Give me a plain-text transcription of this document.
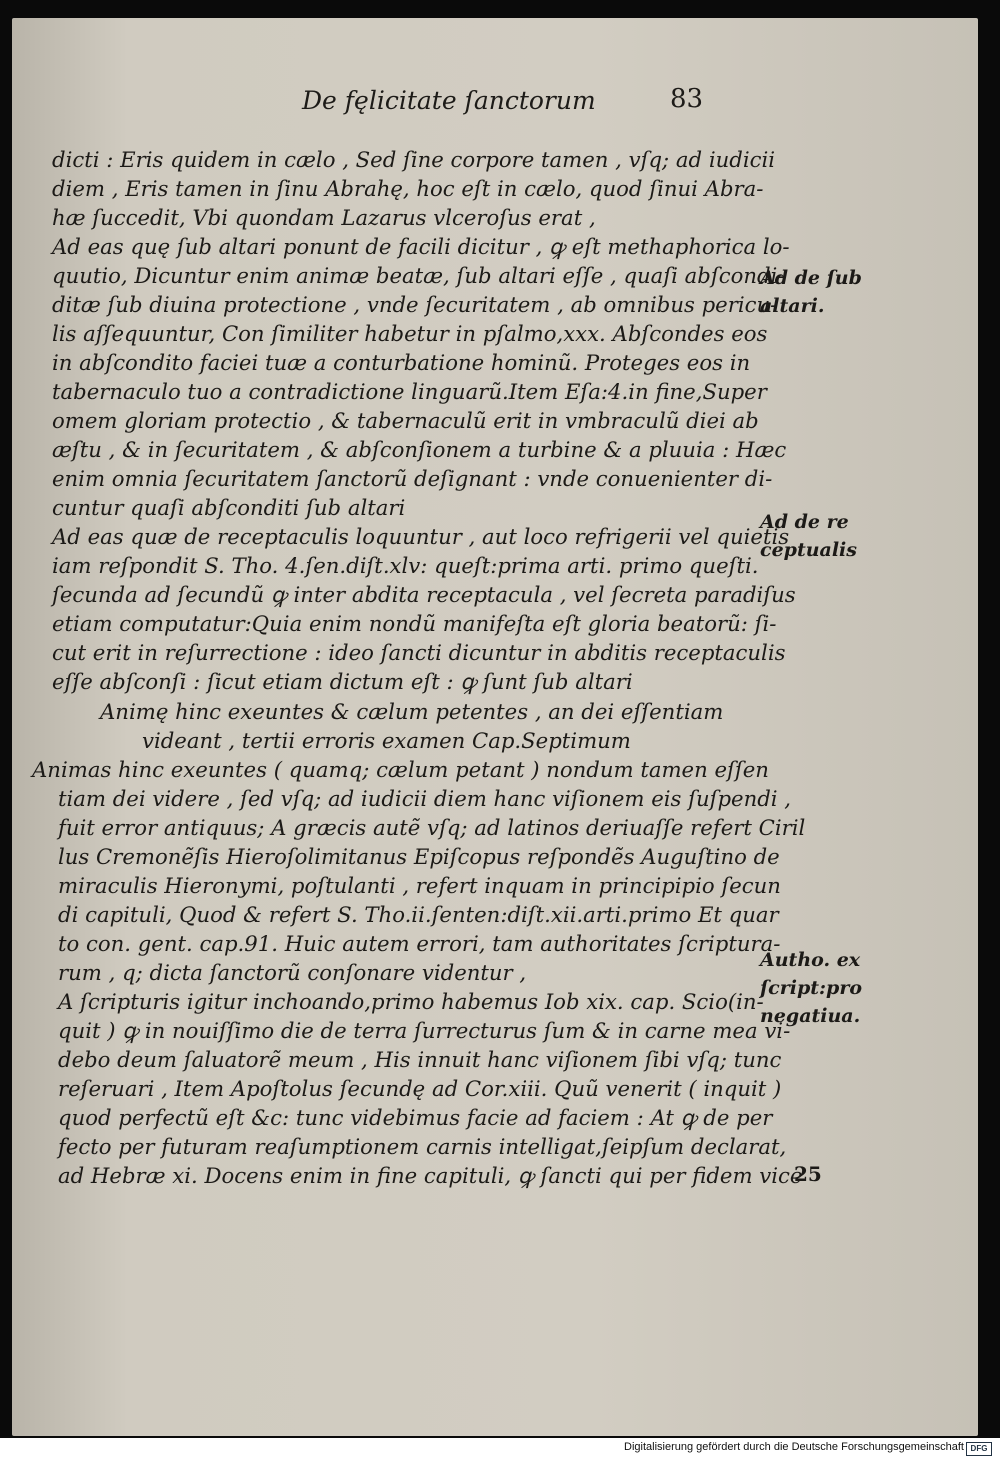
De fęlicitate ſanctorum	83
dicti : Eris quidem in cælo , Sed ſine corpore tamen , vſq; ad iudicii
diem , Eris tamen in ſinu Abrahę, hoc eſt in cælo, quod ſinui Abra-
hæ ſuccedit, Vbi quondam Lazarus vlceroſus erat ,
Ad eas quę ſub altari ponunt de facili dicitur , ꝙ eſt methaphorica lo-
quutio, Dicuntur enim animæ beatæ, ſub altari eſſe , quaſi abſcondi-
ditæ ſub diuina protectione , vnde ſecuritatem , ab omnibus pericu-
lis aſſequuntur, Con ſimiliter habetur in pſalmo,xxx. Abſcondes eos
in abſcondito faciei tuæ a conturbatione hominũ. Proteges eos in
tabernaculo tuo a contradictione linguarũ.Item Eſa:4.in fine,Super
omem gloriam protectio , & tabernaculũ erit in vmbraculũ diei ab
æſtu , & in ſecuritatem , & abſconſionem a turbine & a pluuia : Hæc
enim omnia ſecuritatem ſanctorũ deſignant : vnde conuenienter di-
cuntur quaſi abſconditi ſub altari
Ad eas quæ de receptaculis loquuntur , aut loco refrigerii vel quietis
iam reſpondit S. Tho. 4.ſen.diſt.xlv: queſt:prima arti. primo queſti.
ſecunda ad ſecundũ ꝙ inter abdita receptacula , vel ſecreta paradiſus
etiam computatur:Quia enim nondũ manifeſta eſt gloria beatorũ: ſi-
cut erit in reſurrectione : ideo ſancti dicuntur in abditis receptaculis
eſſe abſconſi : ſicut etiam dictum eſt : ꝙ ſunt ſub altari
Animę hinc exeuntes & cælum petentes , an dei eſſentiam
videant , tertii erroris examen Cap.Septimum
Animas hinc exeuntes ( quamq; cælum petant ) nondum tamen eſſen
tiam dei videre , ſed vſq; ad iudicii diem hanc viſionem eis ſuſpendi ,
fuit error antiquus; A græcis autẽ vſq; ad latinos deriuaſſe refert Ciril
lus Cremonẽſis Hieroſolimitanus Epiſcopus reſpondẽs Auguſtino de
miraculis Hieronymi, poſtulanti , refert inquam in principipio ſecun
di capituli, Quod & refert S. Tho.ii.ſenten:diſt.xii.arti.primo Et quar
to con. gent. cap.91. Huic autem errori, tam authoritates ſcriptura-
rum , q; dicta ſanctorũ conſonare videntur ,
A ſcripturis igitur inchoando,primo habemus Iob xix. cap. Scio(in-
quit ) ꝙ in nouiſſimo die de terra ſurrecturus ſum & in carne mea vi-
debo deum ſaluatorẽ meum , His innuit hanc viſionem ſibi vſq; tunc
reſeruari , Item Apoſtolus ſecundę ad Cor.xiii. Quũ venerit ( inquit )
quod perfectũ eſt &c: tunc videbimus facie ad faciem : At ꝙ de per
fecto per futuram reaſumptionem carnis intelligat,ſeipſum declarat,
ad Hebræ xi. Docens enim in fine capituli, ꝙ ſancti qui per fidem vice
Ad de ſub
altari.
Ad de re
ceptualis
Autho. ex
ſcript:pro
negatiua.
25
Digitalisierung gefördert durch die Deutsche Forschungsgemeinschaft DFG
